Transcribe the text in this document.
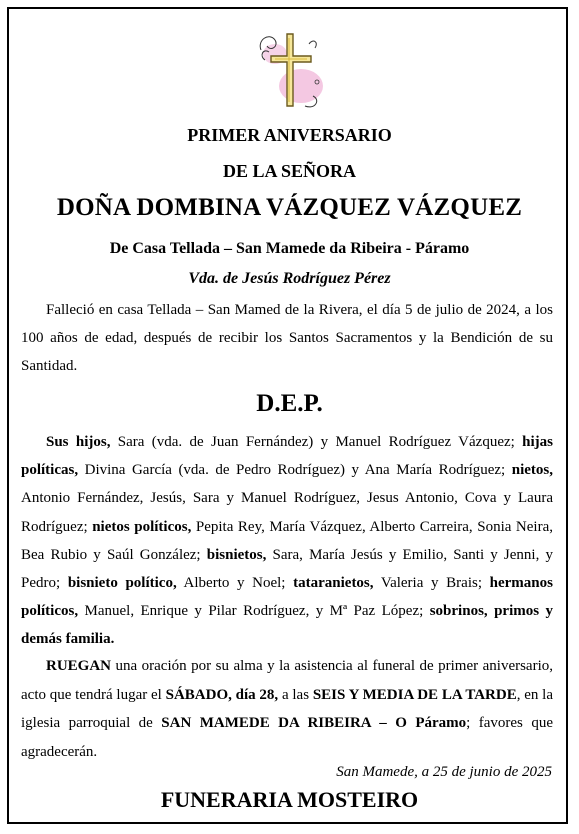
PRIMER ANIVERSARIO
DE LA SEÑORA
DOÑA DOMBINA VÁZQUEZ VÁZQUEZ
De Casa Tellada – San Mamede da Ribeira - Páramo
Vda. de Jesús Rodríguez Pérez
Falleció en casa Tellada – San Mamed de la Rivera, el día 5 de julio de 2024, a los 100 años de edad, después de recibir los Santos Sacramentos y la Bendición de su Santidad.
D.E.P.
Sus hijos, Sara (vda. de Juan Fernández) y Manuel Rodríguez Vázquez; hijas políticas, Divina García (vda. de Pedro Rodríguez) y Ana María Rodríguez; nietos, Antonio Fernández, Jesús, Sara y Manuel Rodríguez, Jesus Antonio, Cova y Laura Rodríguez; nietos políticos, Pepita Rey, María Vázquez, Alberto Carreira, Sonia Neira, Bea Rubio y Saúl González; bisnietos, Sara, María Jesús y Emilio, Santi y Jenni, y Pedro; bisnieto político, Alberto y Noel; tataranietos, Valeria y Brais; hermanos políticos, Manuel, Enrique y Pilar Rodríguez, y Mª Paz López; sobrinos, primos y demás familia.
RUEGAN una oración por su alma y la asistencia al funeral de primer aniversario, acto que tendrá lugar el SÁBADO, día 28, a las SEIS Y MEDIA DE LA TARDE, en la iglesia parroquial de SAN MAMEDE DA RIBEIRA – O Páramo; favores que agradecerán.
San Mamede, a 25 de junio de 2025
FUNERARIA MOSTEIRO
